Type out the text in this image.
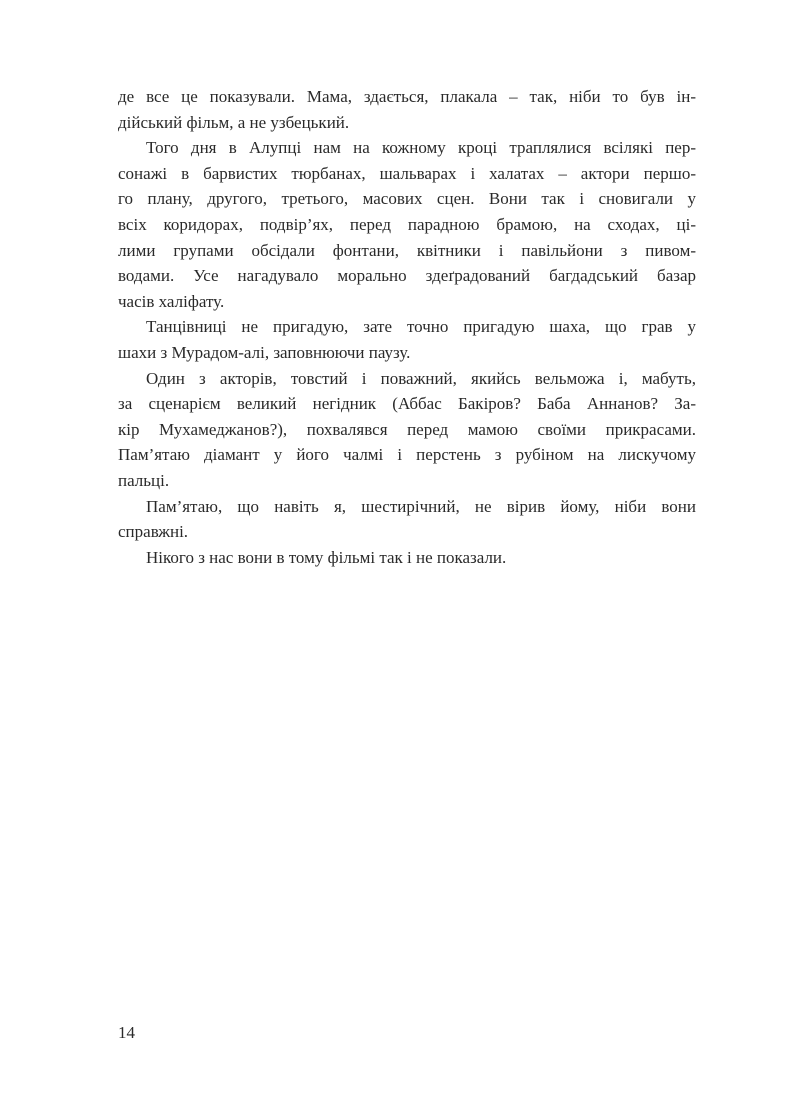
де все це показували. Мама, здається, плакала – так, ніби то був ін-
дійський фільм, а не узбецький.
Того дня в Алупці нам на кожному кроці траплялися всілякі пер-
сонажі в барвистих тюрбанах, шальварах і халатах – актори першо-
го плану, другого, третього, масових сцен. Вони так і сновигали у
всіх коридорах, подвір’ях, перед парадною брамою, на сходах, ці-
лими групами обсідали фонтани, квітники і павільйони з пивом-
водами. Усе нагадувало морально здеґрадований багдадський базар
часів халіфату.
Танцівниці не пригадую, зате точно пригадую шаха, що грав у
шахи з Мурадом-алі, заповнюючи паузу.
Один з акторів, товстий і поважний, якийсь вельможа і, мабуть,
за сценарієм великий негідник (Аббас Бакіров? Баба Аннанов? За-
кір Мухамеджанов?), похвалявся перед мамою своїми прикрасами.
Пам’ятаю діамант у його чалмі і перстень з рубіном на лискучому
пальці.
Пам’ятаю, що навіть я, шестирічний, не вірив йому, ніби вони
справжні.
Нікого з нас вони в тому фільмі так і не показали.
14
